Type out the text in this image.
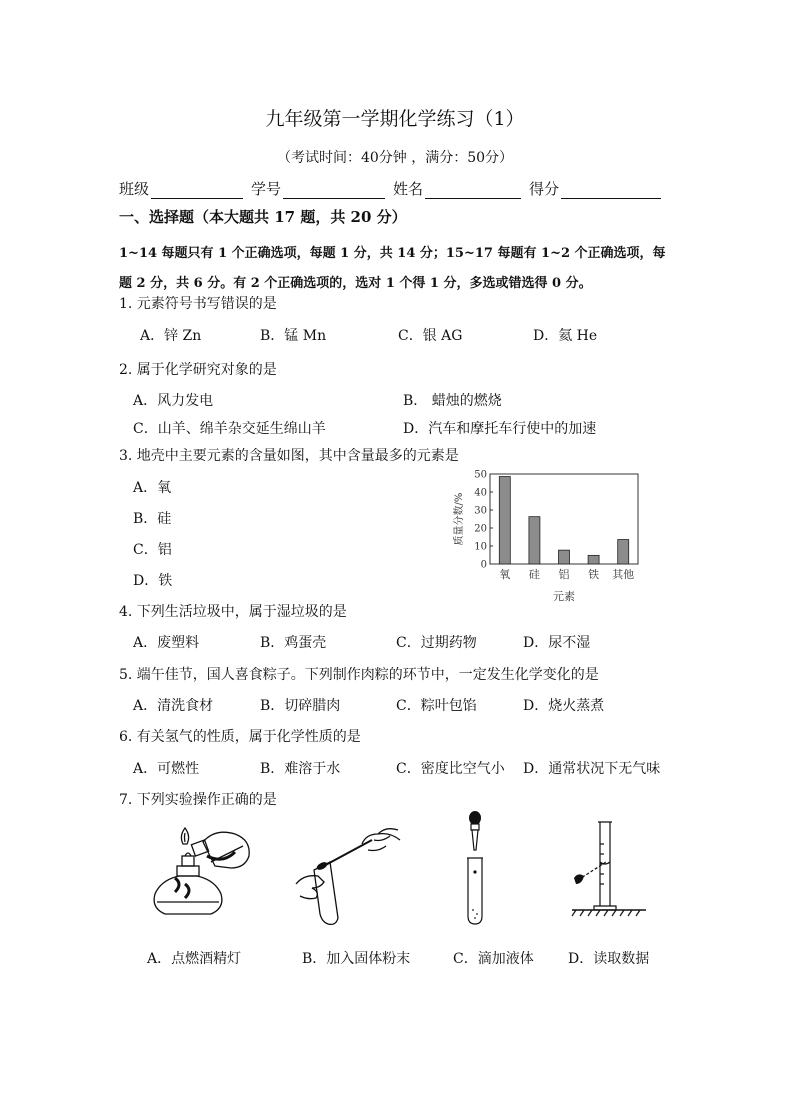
九年级第一学期化学练习（1）
（考试时间：40分钟 ，满分：50分）
班级	学号	姓名	得分
一、选择题（本大题共 17 题，共 20 分）
1~14 每题只有 1 个正确选项，每题 1 分，共 14 分；15~17 每题有 1~2 个正确选项，每
题 2 分，共 6 分。有 2 个正确选项的，选对 1 个得 1 分，多选或错选得 0 分。
1. 元素符号书写错误的是
A．锌 Zn	B．锰 Mn	C．银 AG	D．氦 He
2. 属于化学研究对象的是
A．风力发电	B． 蜡烛的燃烧
C．山羊、绵羊杂交延生绵山羊	D．汽车和摩托车行使中的加速
3. 地壳中主要元素的含量如图，其中含量最多的元素是
A．氧
B．硅
C．铝
D．铁
0
10
20
30
40
50
氧 硅 铝 铁 其他
质量分数/%
元素
4. 下列生活垃圾中，属于湿垃圾的是
A．废塑料	B．鸡蛋壳	C．过期药物	D．尿不湿
5. 端午佳节，国人喜食粽子。下列制作肉粽的环节中，一定发生化学变化的是
A．清洗食材	B．切碎腊肉	C．粽叶包馅	D．烧火蒸煮
6. 有关氢气的性质，属于化学性质的是
A．可燃性	B．难溶于水	C．密度比空气小 D．通常状况下无气味
7. 下列实验操作正确的是
A．点燃酒精灯	B．加入固体粉末	C．滴加液体 D．读取数据
